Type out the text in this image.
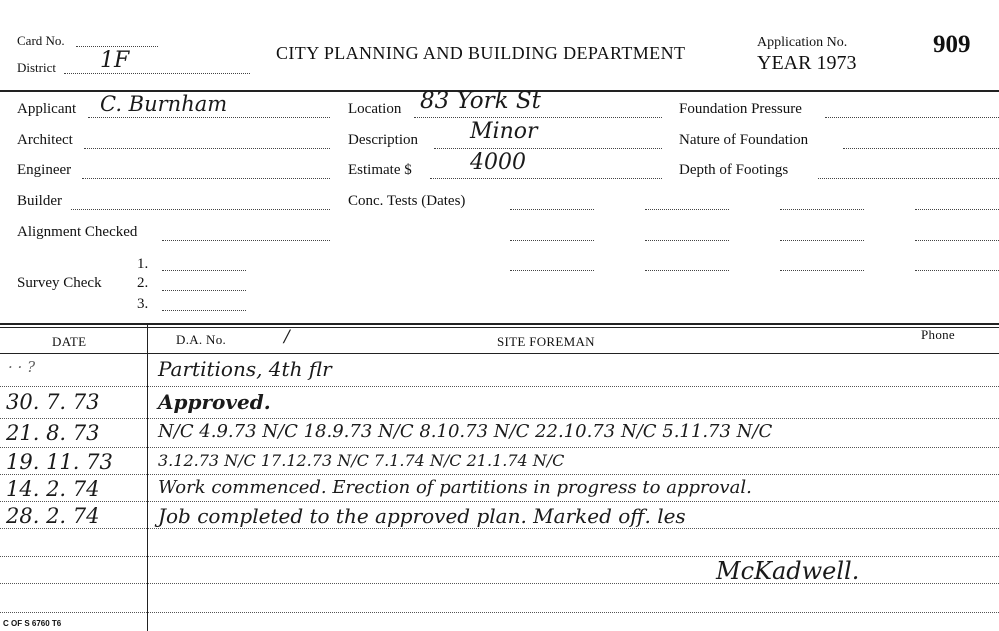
Card No.
District 1F	CITY PLANNING AND BUILDING DEPARTMENT
Application No.
YEAR 1973
909
Applicant C. Burnham
Architect
Engineer
Builder
Alignment Checked
Survey Check
1.
2.
3.
Location 83 York St
Description Minor
Estimate $	4000
Conc. Tests (Dates)
Foundation Pressure
Nature of Foundation
Depth of Footings
DATE	D.A. No.	/	SITE FOREMAN	Phone
· · ?	Partitions, 4th flr
30. 7. 73	Approved.
21. 8. 73	N/C 4.9.73 N/C 18.9.73 N/C 8.10.73 N/C 22.10.73 N/C 5.11.73 N/C
19. 11. 73	3.12.73 N/C 17.12.73 N/C 7.1.74 N/C 21.1.74 N/C
14. 2. 74	Work commenced. Erection of partitions in progress to approval.
28. 2. 74	Job completed to the approved plan. Marked off. les
McKadwell.
C OF S 6760 T6
